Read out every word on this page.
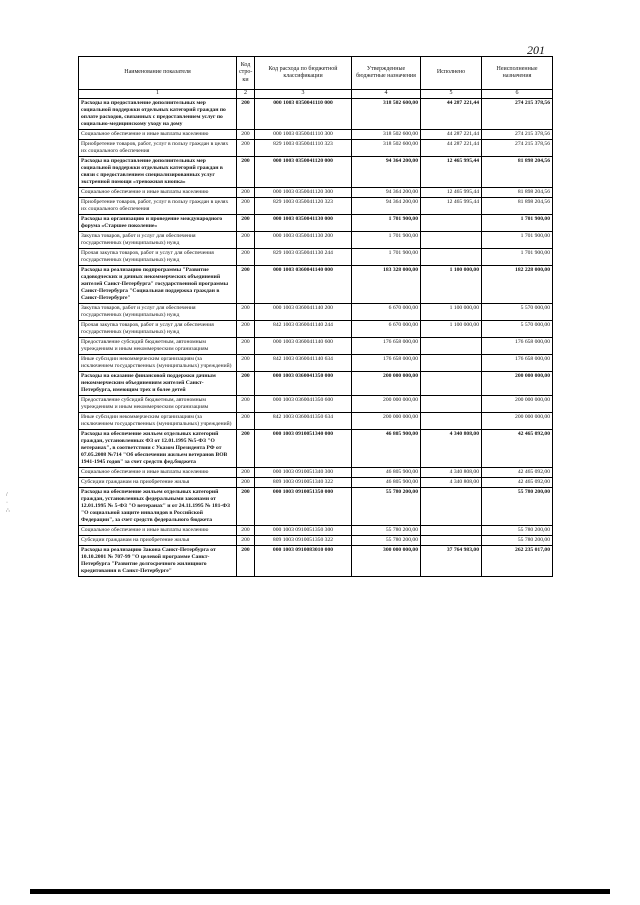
201
/
·
∴
Наименование показателя	Код стро-ки	Код расхода по бюджетной классификации	Утвержденные бюджетные назначения	Исполнено	Неисполненные назначения
1	2	3	4	5	6
Расходы на предоставление дополнительных мер социальной поддержки отдельных категорий граждан по оплате расходов, связанных с предоставлением услуг по социально-медицинскому уходу на дому	200	000 1003 0350041110 000	318 502 600,00	44 287 221,44	274 215 378,56
Социальное обеспечение и иные выплаты населению	200	000 1003 0350041110 300	318 502 600,00	44 287 221,44	274 215 378,56
Приобретение товаров, работ, услуг в пользу граждан в целях их социального обеспечения	200	829 1003 0350041110 323	318 502 600,00	44 287 221,44	274 215 378,56
Расходы на предоставление дополнительных мер социальной поддержки отдельных категорий граждан в связи с предоставлением специализированных услуг экстренной помощи «тревожная кнопка»	200	000 1003 0350041120 000	94 364 200,00	12 465 995,44	81 898 204,56
Социальное обеспечение и иные выплаты населению	200	000 1003 0350041120 300	94 364 200,00	12 465 995,44	81 898 204,56
Приобретение товаров, работ, услуг в пользу граждан в целях их социального обеспечения	200	829 1003 0350041120 323	94 364 200,00	12 465 995,44	81 898 204,56
Расходы на организацию и проведение международного форума «Старшее поколение»	200	000 1003 0350041130 000	1 701 900,00		1 701 900,00
Закупка товаров, работ и услуг для обеспечения государственных (муниципальных) нужд	200	000 1003 0350041130 200	1 701 900,00		1 701 900,00
Прочая закупка товаров, работ и услуг для обеспечения государственных (муниципальных) нужд	200	829 1003 0350041130 244	1 701 900,00		1 701 900,00
Расходы на реализацию подпрограммы "Развитие садоводческих и дачных некоммерческих объединений жителей Санкт-Петербурга" государственной программы Санкт-Петербурга "Социальная поддержка граждан в Санкт-Петербурге"	200	000 1003 0360041140 000	183 328 000,00	1 100 000,00	182 228 000,00
Закупка товаров, работ и услуг для обеспечения государственных (муниципальных) нужд	200	000 1003 0360041140 200	6 670 000,00	1 100 000,00	5 570 000,00
Прочая закупка товаров, работ и услуг для обеспечения государственных (муниципальных) нужд	200	842 1003 0360041140 244	6 670 000,00	1 100 000,00	5 570 000,00
Предоставление субсидий бюджетным, автономным учреждениям и иным некоммерческим организациям	200	000 1003 0360041140 600	176 658 000,00		176 658 000,00
Иные субсидии некоммерческим организациям (за исключением государственных (муниципальных) учреждений)	200	842 1003 0360041140 634	176 658 000,00		176 658 000,00
Расходы на оказание финансовой поддержки дачным некоммерческим объединениям жителей Санкт-Петербурга, имеющим трех и более детей	200	000 1003 0360041350 000	200 000 000,00		200 000 000,00
Предоставление субсидий бюджетным, автономным учреждениям и иным некоммерческим организациям	200	000 1003 0360041350 600	200 000 000,00		200 000 000,00
Иные субсидии некоммерческим организациям (за исключением государственных (муниципальных) учреждений)	200	842 1003 0360041350 634	200 000 000,00		200 000 000,00
Расходы на обеспечение жильем отдельных категорий граждан, установленных ФЗ от 12.01.1995 №5-ФЗ "О ветеранах", в соответствии с Указом Президента РФ от 07.05.2008 №714 "Об обеспечении жильем ветеранов ВОВ 1941-1945 годов" за счет средств фед.бюджета	200	000 1003 0910051340 000	46 805 900,00	4 340 808,00	42 465 092,00
Социальное обеспечение и иные выплаты населению	200	000 1003 0910051340 300	46 805 900,00	4 340 808,00	42 465 092,00
Субсидии гражданам на приобретение жилья	200	809 1003 0910051340 322	46 805 900,00	4 340 808,00	42 465 092,00
Расходы на обеспечение жильем отдельных категорий граждан, установленных федеральными законами от 12.01.1995 № 5-ФЗ "О ветеранах" и от 24.11.1995 № 181-ФЗ "О социальной защите инвалидов в Российской Федерации", за счет средств федерального бюджета	200	000 1003 0910051350 000	55 780 200,00		55 780 200,00
Социальное обеспечение и иные выплаты населению	200	000 1003 0910051350 300	55 780 200,00		55 780 200,00
Субсидии гражданам на приобретение жилья	200	809 1003 0910051350 322	55 780 200,00		55 780 200,00
Расходы на реализацию Закона Санкт-Петербурга от 10.10.2001 № 707-99 "О целевой программе Санкт-Петербурга "Развитие долгосрочного жилищного кредитования в Санкт-Петербурге"	200	000 1003 0910083010 000	300 000 000,00	37 764 983,00	262 235 017,00
